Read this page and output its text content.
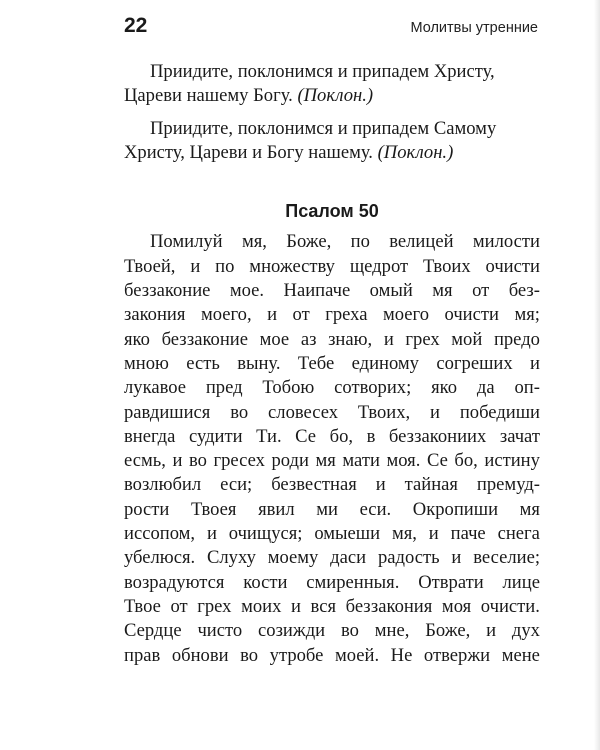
22	Молитвы утренние

Приидите, поклонимся и припадем Христу,
Цареви нашему Богу. (Поклон.)

Приидите, поклонимся и припадем Самому
Христу, Цареви и Богу нашему. (Поклон.)

Псалом 50
Помилуй мя, Боже, по велицей милости
Твоей, и по множеству щедрот Твоих очисти
беззаконие мое. Наипаче омый мя от без-
закония моего, и от греха моего очисти мя;
яко беззаконие мое аз знаю, и грех мой предо
мною есть выну. Тебе единому согреших и
лукавое пред Тобою сотворих; яко да оп-
равдишися во словесех Твоих, и победиши
внегда судити Ти. Се бо, в беззакониих зачат
есмь, и во гресех роди мя мати моя. Се бо, истину
возлюбил еси; безвестная и тайная премуд-
рости Твоея явил ми еси. Окропиши мя
иссопом, и очищуся; омыеши мя, и паче снега
убелюся. Слуху моему даси радость и веселие;
возрадуются кости смиренныя. Отврати лице
Твое от грех моих и вся беззакония моя очисти.
Сердце чисто созижди во мне, Боже, и дух
прав обнови во утробе моей. Не отвержи мене
